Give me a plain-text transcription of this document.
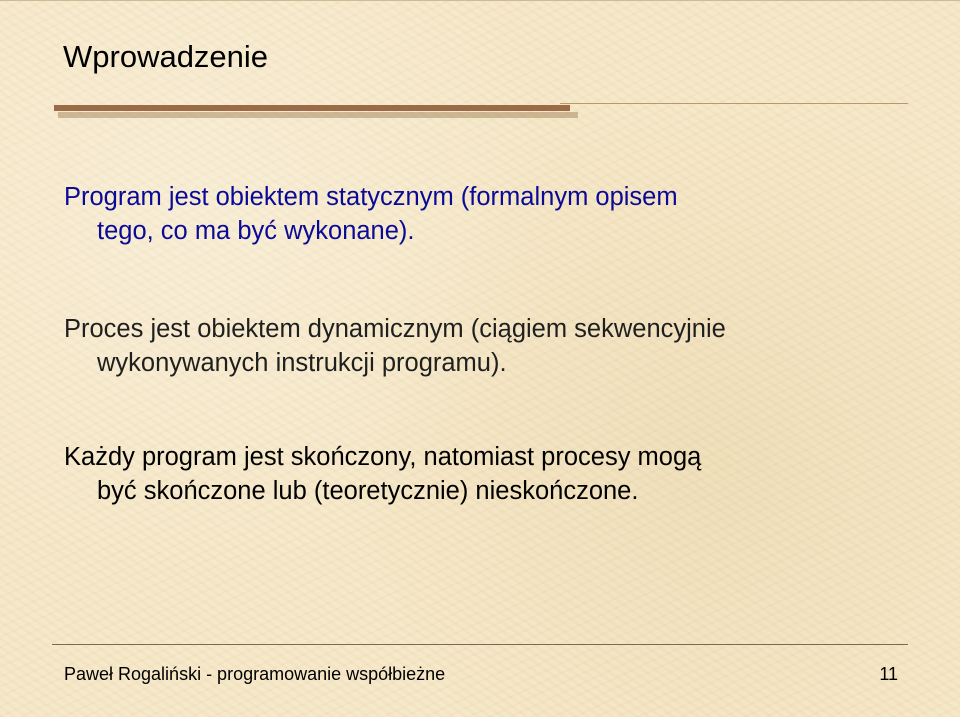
Wprowadzenie

Program jest obiektem statycznym (formalnym opisem
tego, co ma być wykonane).

Proces jest obiektem dynamicznym (ciągiem sekwencyjnie
wykonywanych instrukcji programu).

Każdy program jest skończony, natomiast procesy mogą
być skończone lub (teoretycznie) nieskończone.

Paweł Rogaliński - programowanie współbieżne	11
